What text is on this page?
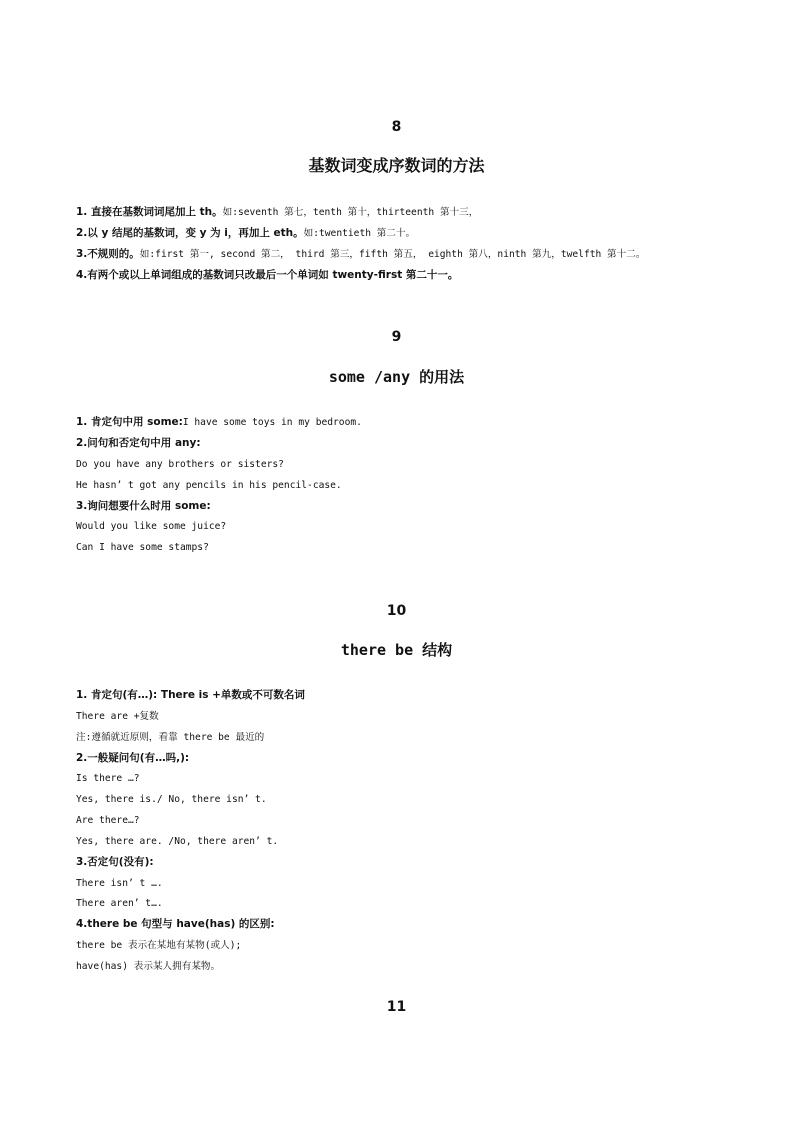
8
基数词变成序数词的方法
1. 直接在基数词词尾加上 th。如:seventh 第七，tenth 第十，thirteenth 第十三，
2.以 y 结尾的基数词，变 y 为 i，再加上 eth。如:twentieth 第二十。
3.不规则的。如:first 第一, second 第二， third 第三，fifth 第五， eighth 第八，ninth 第九，twelfth 第十二。
4.有两个或以上单词组成的基数词只改最后一个单词如 twenty-first 第二十一。
9
some /any 的用法
1. 肯定句中用 some:I have some toys in my bedroom.
2.问句和否定句中用 any:
Do you have any brothers or sisters?
He hasn’ t got any pencils in his pencil-case.
3.询问想要什么时用 some:
Would you like some juice?
Can I have some stamps?
10
there be 结构
1. 肯定句(有…): There is +单数或不可数名词
There are +复数
注:遵循就近原则，看靠 there be 最近的
2.一般疑问句(有…吗,):
Is there …?
Yes, there is./ No, there isn’ t.
Are there…?
Yes, there are. /No, there aren’ t.
3.否定句(没有):
There isn’ t ….
There aren’ t….
4.there be 句型与 have(has) 的区别:
there be 表示在某地有某物(或人);
have(has) 表示某人拥有某物。
11
